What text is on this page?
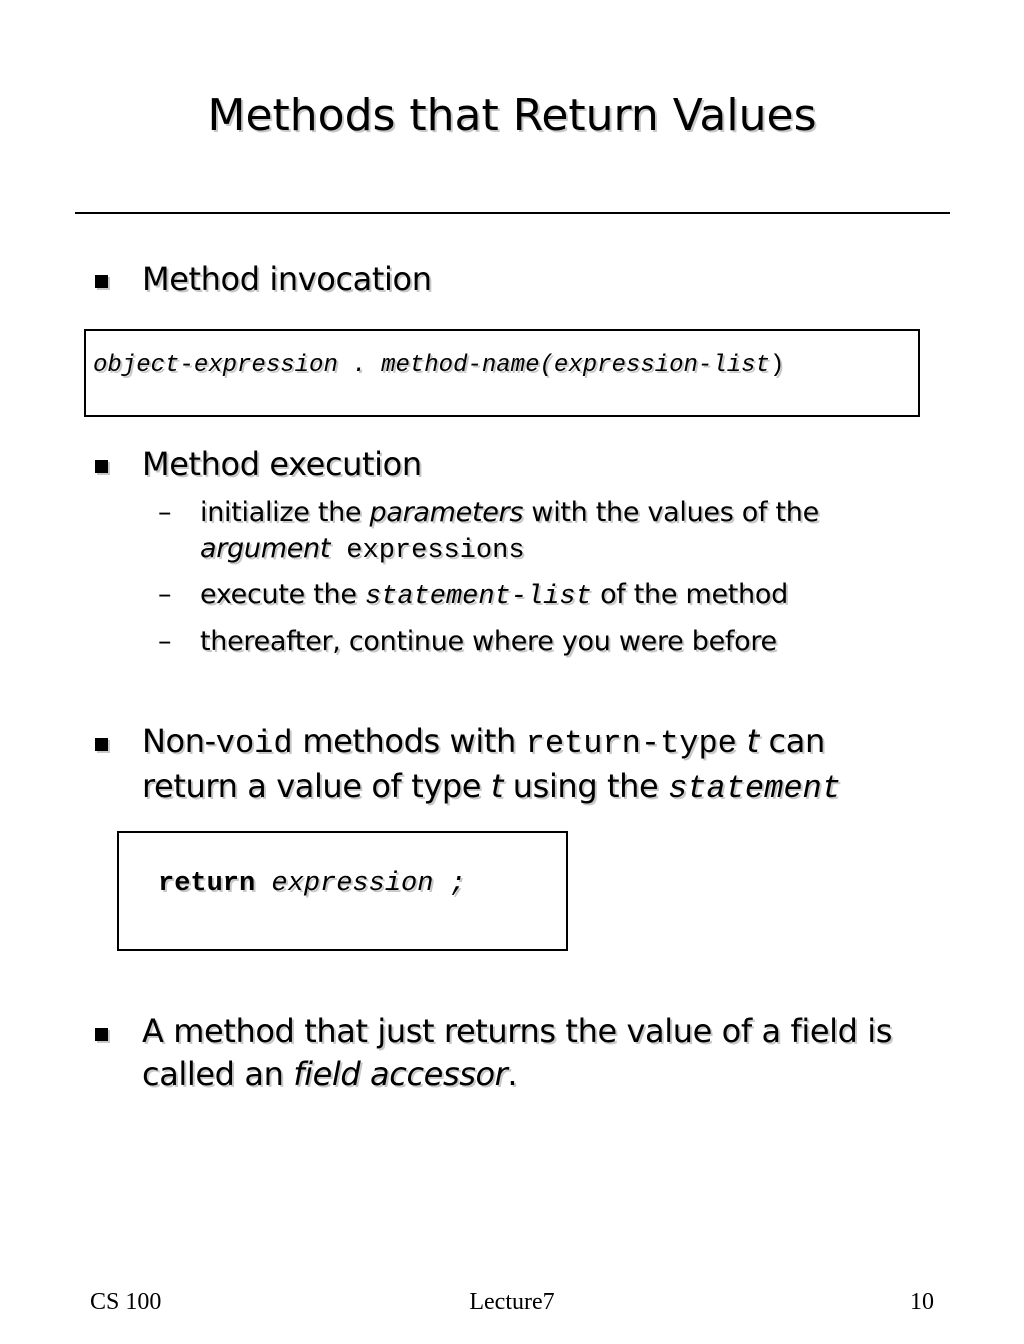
Methods that Return Values
Method invocation
object-expression . method-name(expression-list)
Method execution
– initialize the parameters with the values of the
argument expressions
– execute the statement-list of the method
– thereafter, continue where you were before
Non-void methods with return-type t can
return a value of type t using the statement
return expression ;
A method that just returns the value of a field is
called an field accessor.
CS 100	Lecture7	10
